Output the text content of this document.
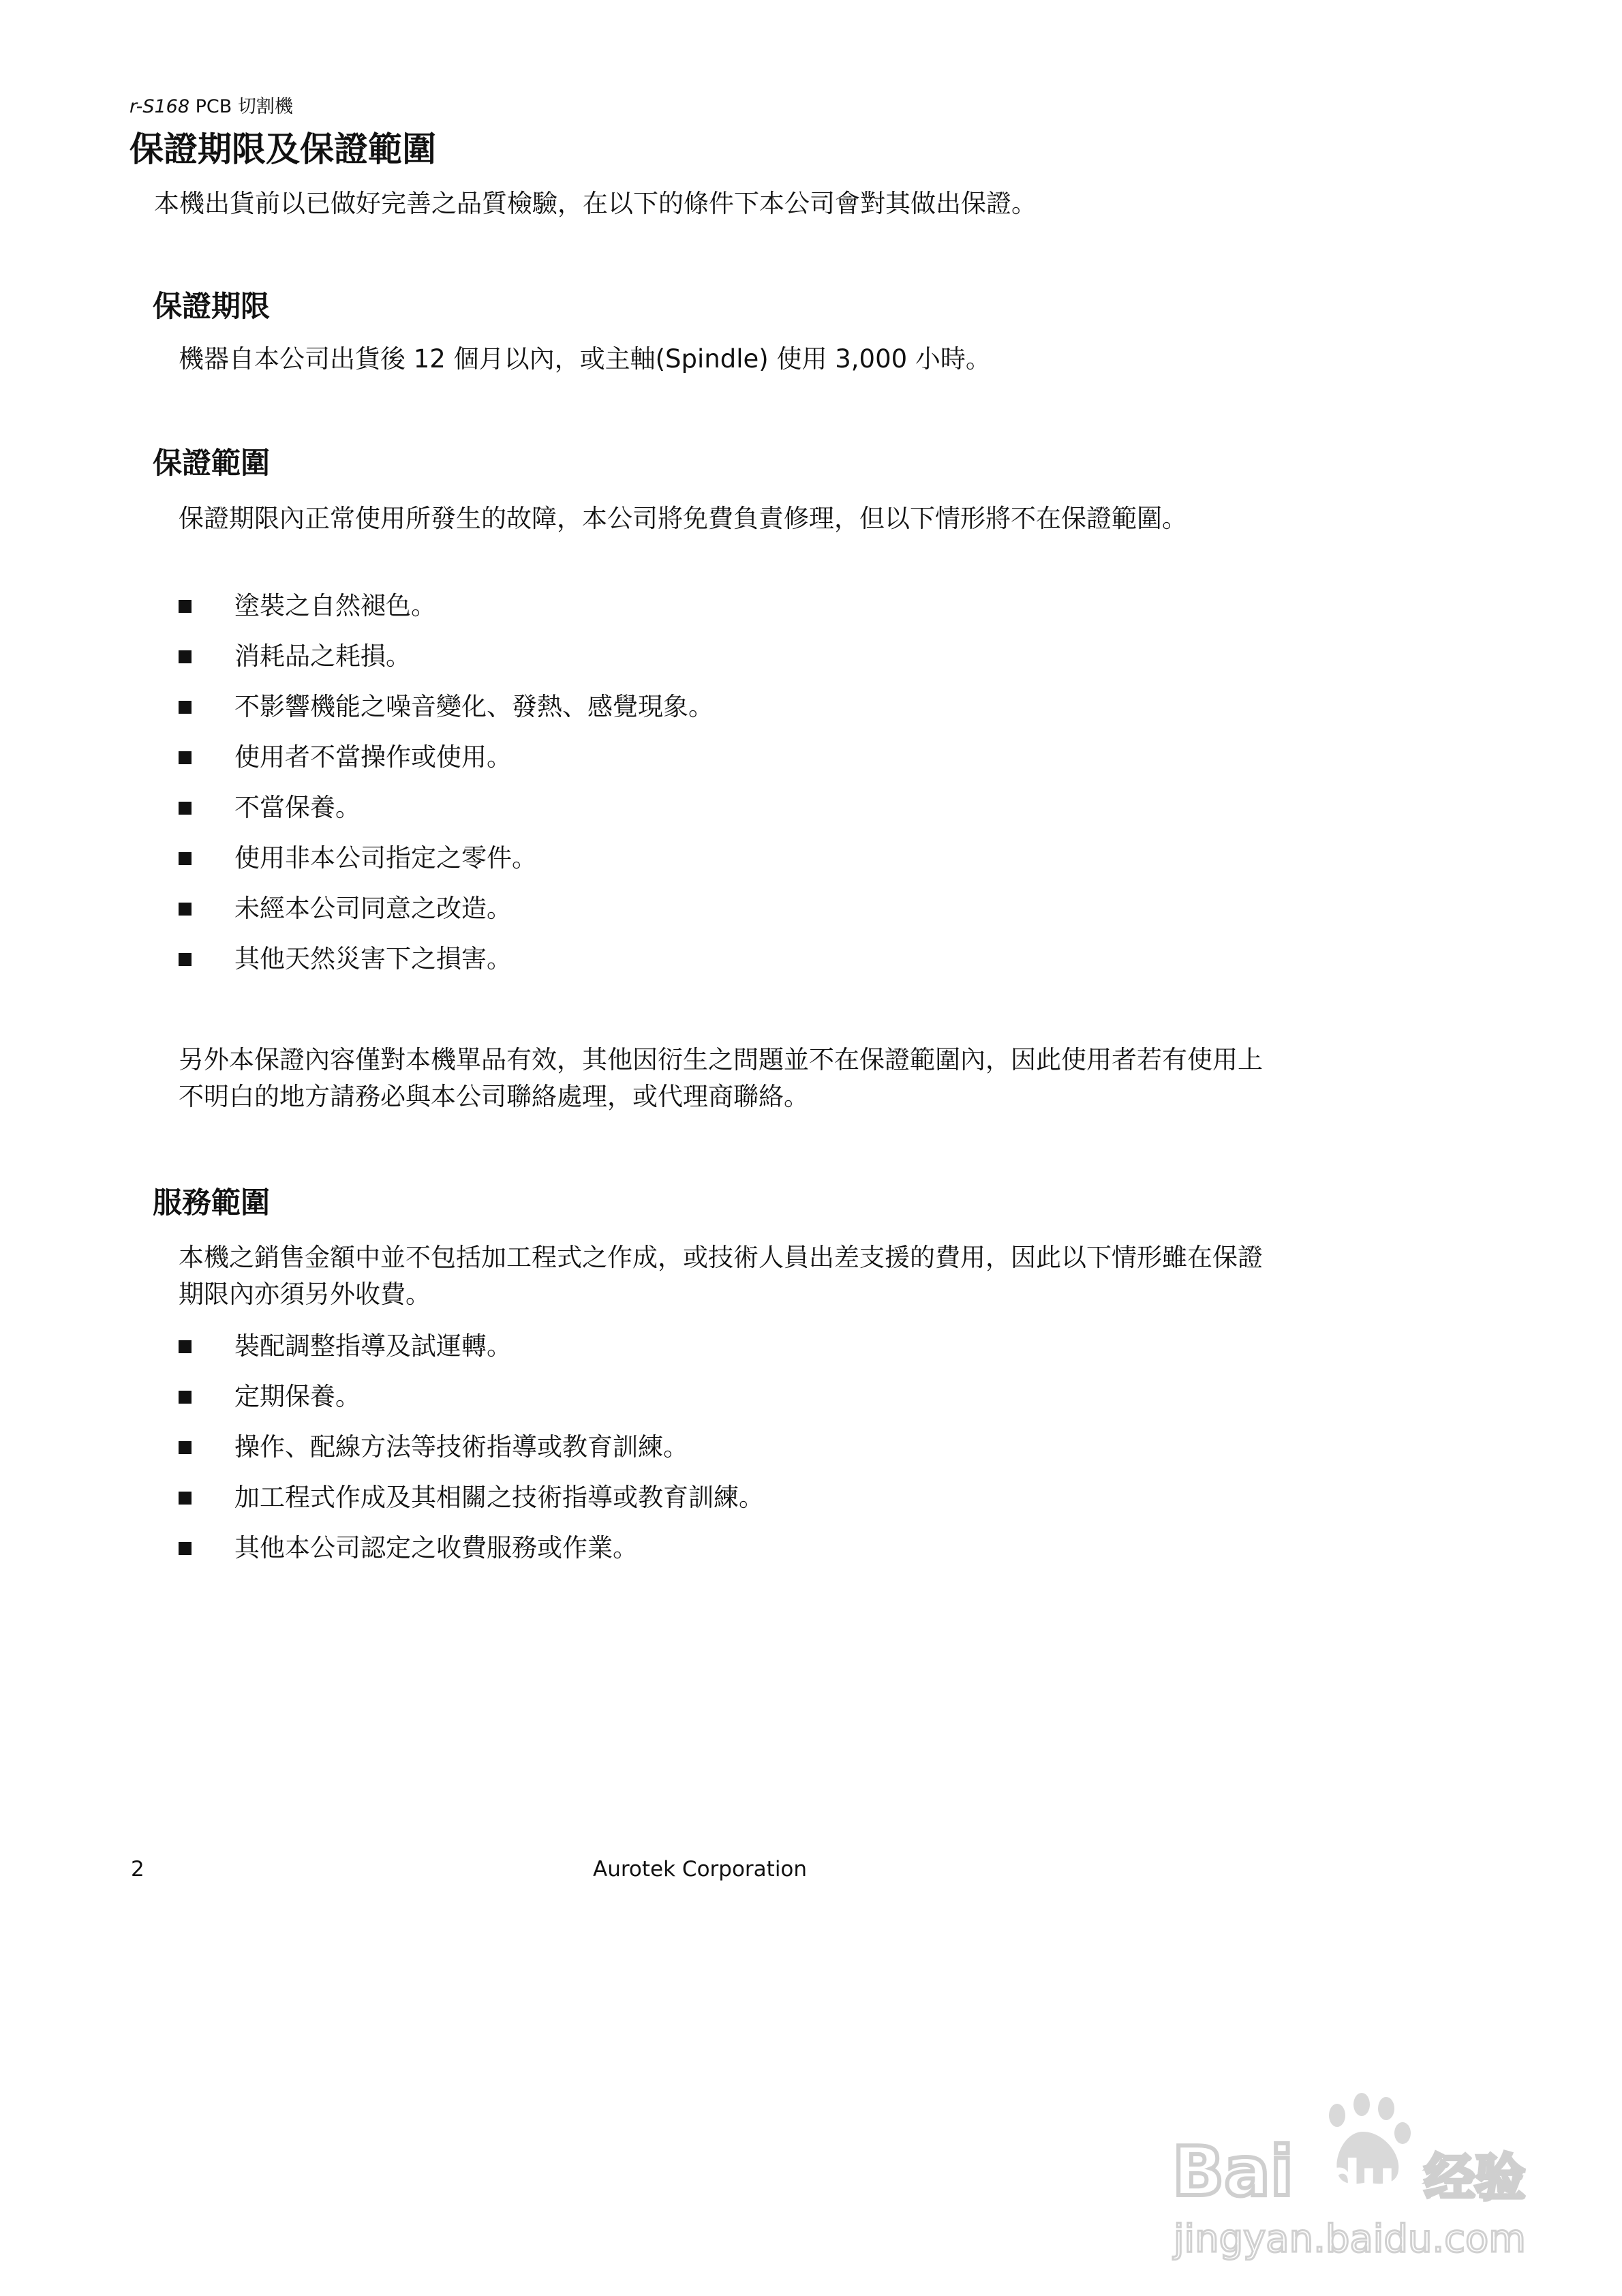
r-S168 PCB 切割機
保證期限及保證範圍

本機出貨前以已做好完善之品質檢驗，在以下的條件下本公司會對其做出保證。

保證期限

機器自本公司出貨後 12 個月以內，或主軸(Spindle) 使用 3,000 小時。

保證範圍

保證期限內正常使用所發生的故障，本公司將免費負責修理，但以下情形將不在保證範圍。

塗裝之自然褪色。
消耗品之耗損。
不影響機能之噪音變化、發熱、感覺現象。
使用者不當操作或使用。
不當保養。
使用非本公司指定之零件。
未經本公司同意之改造。
其他天然災害下之損害。

另外本保證內容僅對本機單品有效，其他因衍生之問題並不在保證範圍內，因此使用者若有使用上不明白的地方請務必與本公司聯絡處理，或代理商聯絡。

服務範圍

本機之銷售金額中並不包括加工程式之作成，或技術人員出差支援的費用，因此以下情形雖在保證期限內亦須另外收費。

裝配調整指導及試運轉。
定期保養。
操作、配線方法等技術指導或教育訓練。
加工程式作成及其相關之技術指導或教育訓練。
其他本公司認定之收費服務或作業。
2	Aurotek Corporation
Bai du 经验
jingyan.baidu.com
